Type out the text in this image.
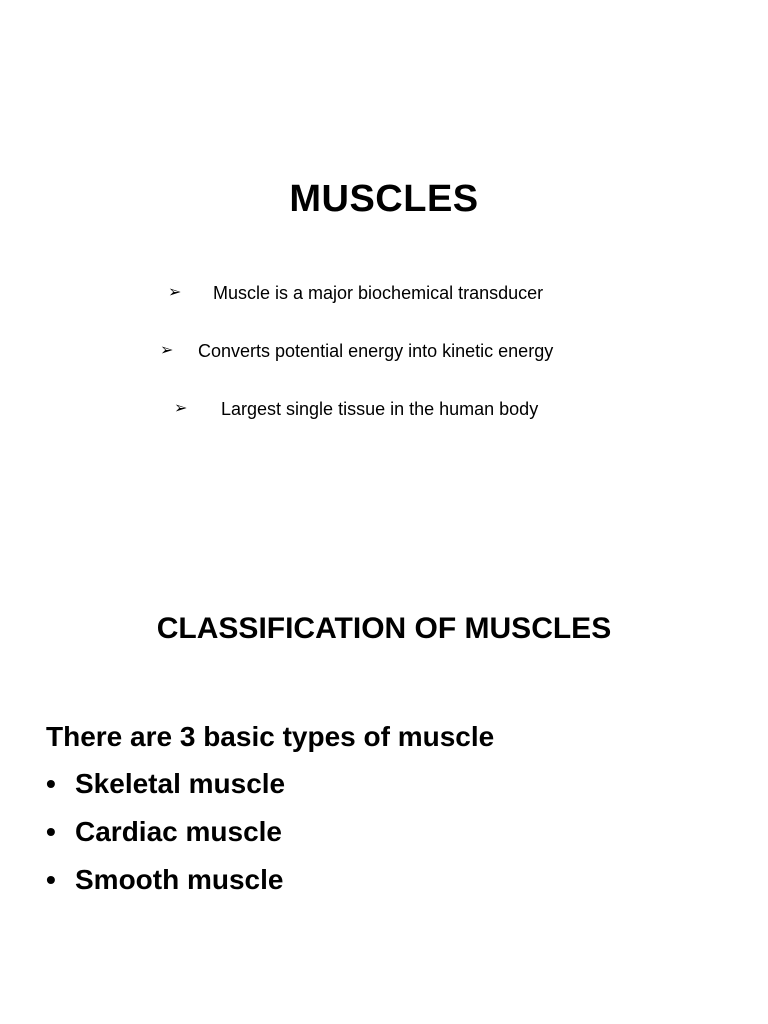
MUSCLES
➢ Muscle is a major biochemical transducer
➢ Converts potential energy into kinetic energy
➢ Largest single tissue in the human body
CLASSIFICATION OF MUSCLES
There are 3 basic types of muscle
• Skeletal muscle
• Cardiac muscle
• Smooth muscle
